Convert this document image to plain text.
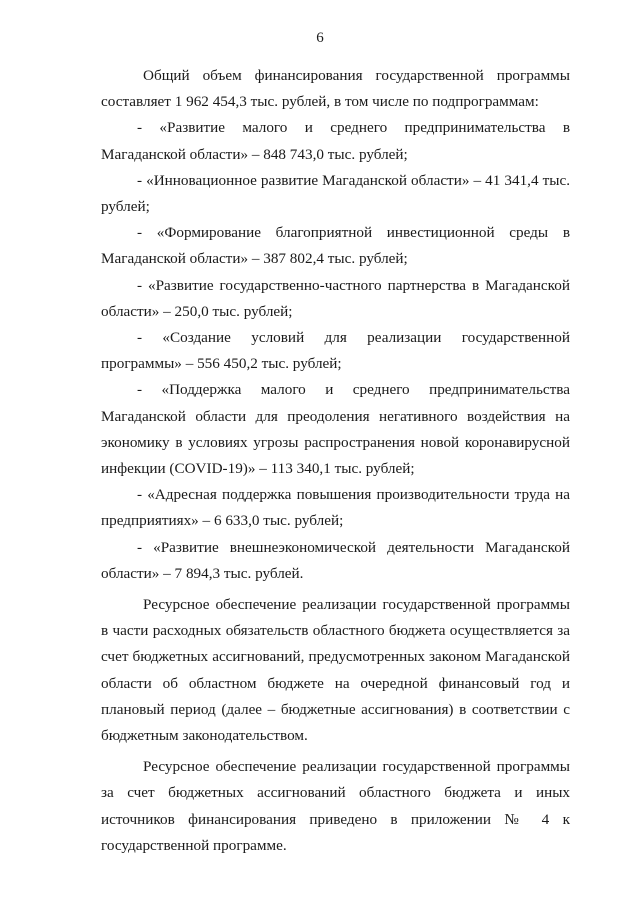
6

Общий объем финансирования государственной программы составляет 1 962 454,3 тыс. рублей, в том числе по подпрограммам:

- «Развитие малого и среднего предпринимательства в Магаданской области» – 848 743,0 тыс. рублей;

- «Инновационное развитие Магаданской области» – 41 341,4 тыс. рублей;

- «Формирование благоприятной инвестиционной среды в Магаданской области» – 387 802,4 тыс. рублей;

- «Развитие государственно-частного партнерства в Магаданской области» – 250,0 тыс. рублей;

- «Создание условий для реализации государственной программы» – 556 450,2 тыс. рублей;

- «Поддержка малого и среднего предпринимательства Магаданской области для преодоления негативного воздействия на экономику в условиях угрозы распространения новой коронавирусной инфекции (COVID-19)» – 113 340,1 тыс. рублей;

- «Адресная поддержка повышения производительности труда на предприятиях» – 6 633,0 тыс. рублей;

- «Развитие внешнеэкономической деятельности Магаданской области» – 7 894,3 тыс. рублей.

Ресурсное обеспечение реализации государственной программы в части расходных обязательств областного бюджета осуществляется за счет бюджетных ассигнований, предусмотренных законом Магаданской области об областном бюджете на очередной финансовый год и плановый период (далее – бюджетные ассигнования) в соответствии с бюджетным законодательством.

Ресурсное обеспечение реализации государственной программы за счет бюджетных ассигнований областного бюджета и иных источников финансирования приведено в приложении № 4 к государственной программе.
